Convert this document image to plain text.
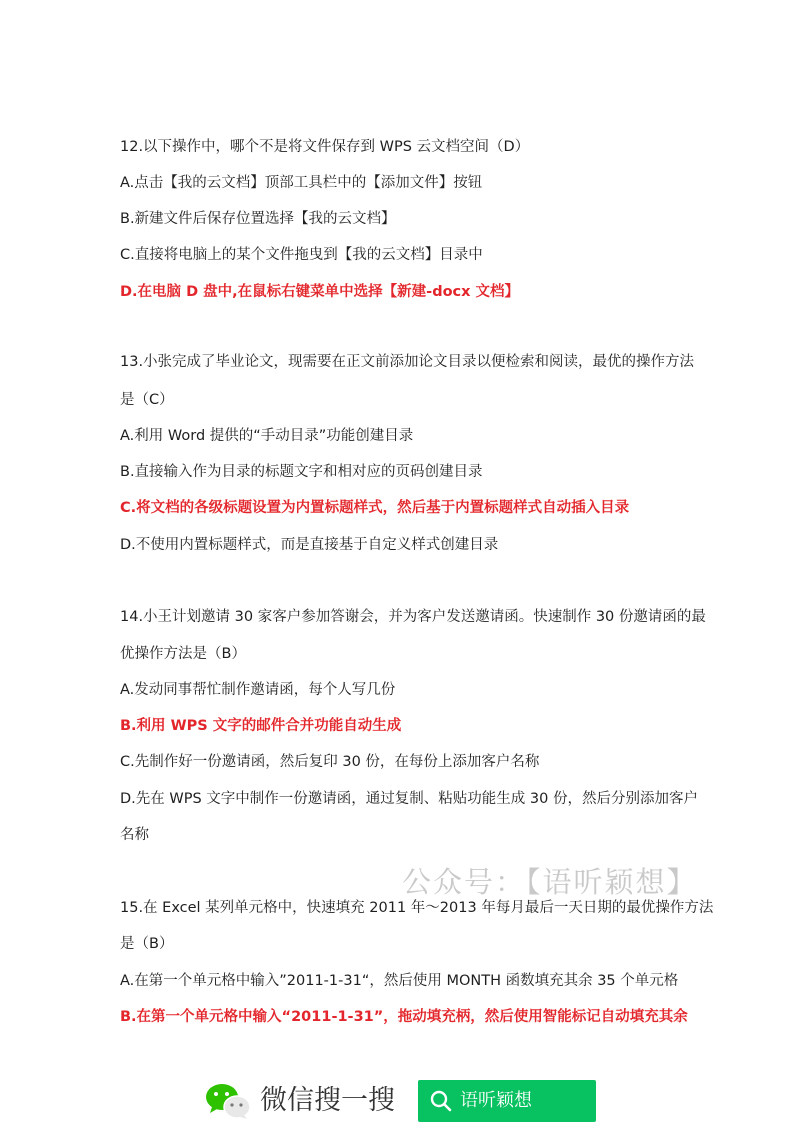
12.以下操作中，哪个不是将文件保存到 WPS 云文档空间（D）
A.点击【我的云文档】顶部工具栏中的【添加文件】按钮
B.新建文件后保存位置选择【我的云文档】
C.直接将电脑上的某个文件拖曳到【我的云文档】目录中
D.在电脑 D 盘中,在鼠标右键菜单中选择【新建-docx 文档】
13.小张完成了毕业论文，现需要在正文前添加论文目录以便检索和阅读，最优的操作方法
是（C）
A.利用 Word 提供的“手动目录”功能创建目录
B.直接输入作为目录的标题文字和相对应的页码创建目录
C.将文档的各级标题设置为内置标题样式，然后基于内置标题样式自动插入目录
D.不使用内置标题样式，而是直接基于自定义样式创建目录
14.小王计划邀请 30 家客户参加答谢会，并为客户发送邀请函。快速制作 30 份邀请函的最
优操作方法是（B）
A.发动同事帮忙制作邀请函，每个人写几份
B.利用 WPS 文字的邮件合并功能自动生成
C.先制作好一份邀请函，然后复印 30 份，在每份上添加客户名称
D.先在 WPS 文字中制作一份邀请函，通过复制、粘贴功能生成 30 份，然后分别添加客户
名称
公众号：【语听颖想】
15.在 Excel 某列单元格中，快速填充 2011 年～2013 年每月最后一天日期的最优操作方法
是（B）
A.在第一个单元格中输入”2011-1-31“，然后使用 MONTH 函数填充其余 35 个单元格
B.在第一个单元格中输入“2011-1-31”，拖动填充柄，然后使用智能标记自动填充其余
微信搜一搜	语听颖想
